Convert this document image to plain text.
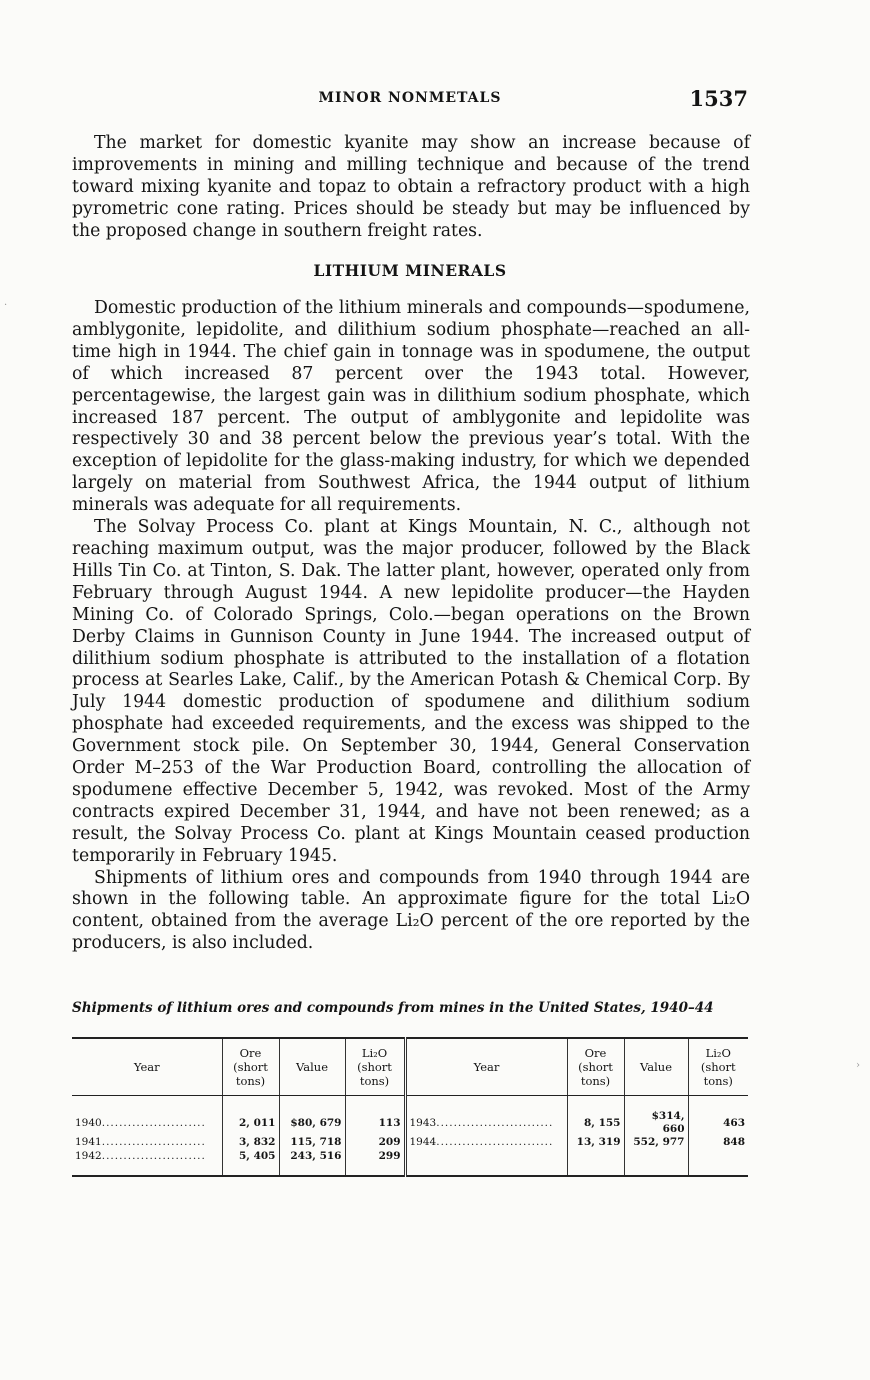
MINOR NONMETALS	1537

The market for domestic kyanite may show an increase because of improvements in mining and milling technique and because of the trend toward mixing kyanite and topaz to obtain a refractory product with a high pyrometric cone rating. Prices should be steady but may be influenced by the proposed change in southern freight rates.

LITHIUM MINERALS

Domestic production of the lithium minerals and compounds—spodumene, amblygonite, lepidolite, and dilithium sodium phosphate—reached an all-time high in 1944. The chief gain in tonnage was in spodumene, the output of which increased 87 percent over the 1943 total. However, percentagewise, the largest gain was in dilithium sodium phosphate, which increased 187 percent. The output of amblygonite and lepidolite was respectively 30 and 38 percent below the previous year’s total. With the exception of lepidolite for the glass-making industry, for which we depended largely on material from Southwest Africa, the 1944 output of lithium minerals was adequate for all requirements.

The Solvay Process Co. plant at Kings Mountain, N. C., although not reaching maximum output, was the major producer, followed by the Black Hills Tin Co. at Tinton, S. Dak. The latter plant, however, operated only from February through August 1944. A new lepidolite producer—the Hayden Mining Co. of Colorado Springs, Colo.—began operations on the Brown Derby Claims in Gunnison County in June 1944. The increased output of dilithium sodium phosphate is attributed to the installation of a flotation process at Searles Lake, Calif., by the American Potash & Chemical Corp. By July 1944 domestic production of spodumene and dilithium sodium phosphate had exceeded requirements, and the excess was shipped to the Government stock pile. On September 30, 1944, General Conservation Order M–253 of the War Production Board, controlling the allocation of spodumene effective December 5, 1942, was revoked. Most of the Army contracts expired December 31, 1944, and have not been renewed; as a result, the Solvay Process Co. plant at Kings Mountain ceased production temporarily in February 1945.

Shipments of lithium ores and compounds from 1940 through 1944 are shown in the following table. An approximate figure for the total Li₂O content, obtained from the average Li₂O percent of the ore reported by the producers, is also included.

Shipments of lithium ores and compounds from mines in the United States, 1940–44
Year	Ore (short tons)	Value	Li₂O (short tons)	Year	Ore (short tons)	Value	Li₂O (short tons)

1940........................	2, 011	$80, 679	113	1943...........................	8, 155	$314, 660	463
1941........................	3, 832	115, 718	209	1944...........................	13, 319	552, 977	848
1942........................	5, 405	243, 516	299				
·
›
